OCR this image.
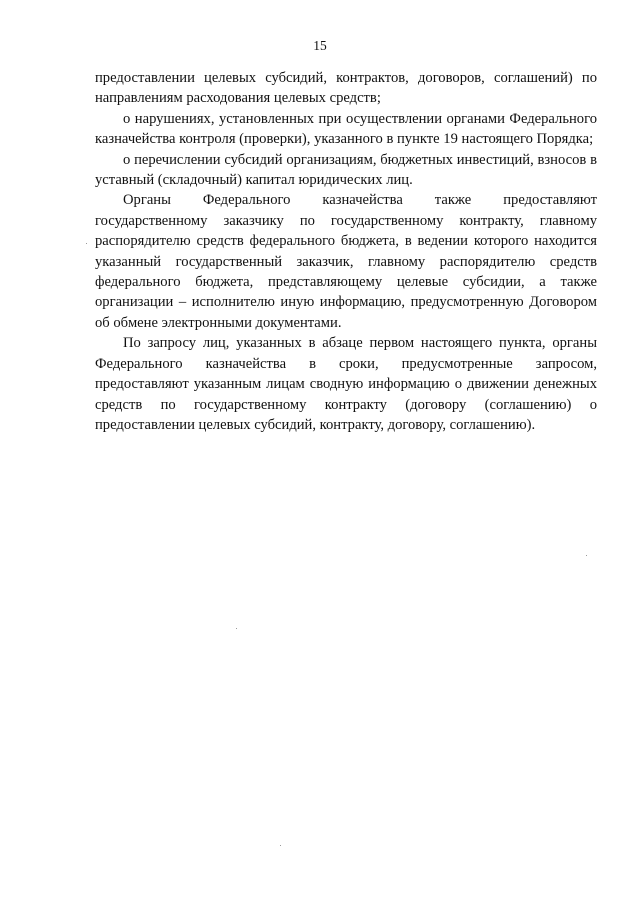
15

предоставлении целевых субсидий, контрактов, договоров, соглашений) по направлениям расходования целевых средств;

о нарушениях, установленных при осуществлении органами Федерального казначейства контроля (проверки), указанного в пункте 19 настоящего Порядка;

о перечислении субсидий организациям, бюджетных инвестиций, взносов в уставный (складочный) капитал юридических лиц.

Органы Федерального казначейства также предоставляют государственному заказчику по государственному контракту, главному распорядителю средств федерального бюджета, в ведении которого находится указанный государственный заказчик, главному распорядителю средств федерального бюджета, представляющему целевые субсидии, а также организации – исполнителю иную информацию, предусмотренную Договором об обмене электронными документами.

По запросу лиц, указанных в абзаце первом настоящего пункта, органы Федерального казначейства в сроки, предусмотренные запросом, предоставляют указанным лицам сводную информацию о движении денежных средств по государственному контракту (договору (соглашению) о предоставлении целевых субсидий, контракту, договору, соглашению).
